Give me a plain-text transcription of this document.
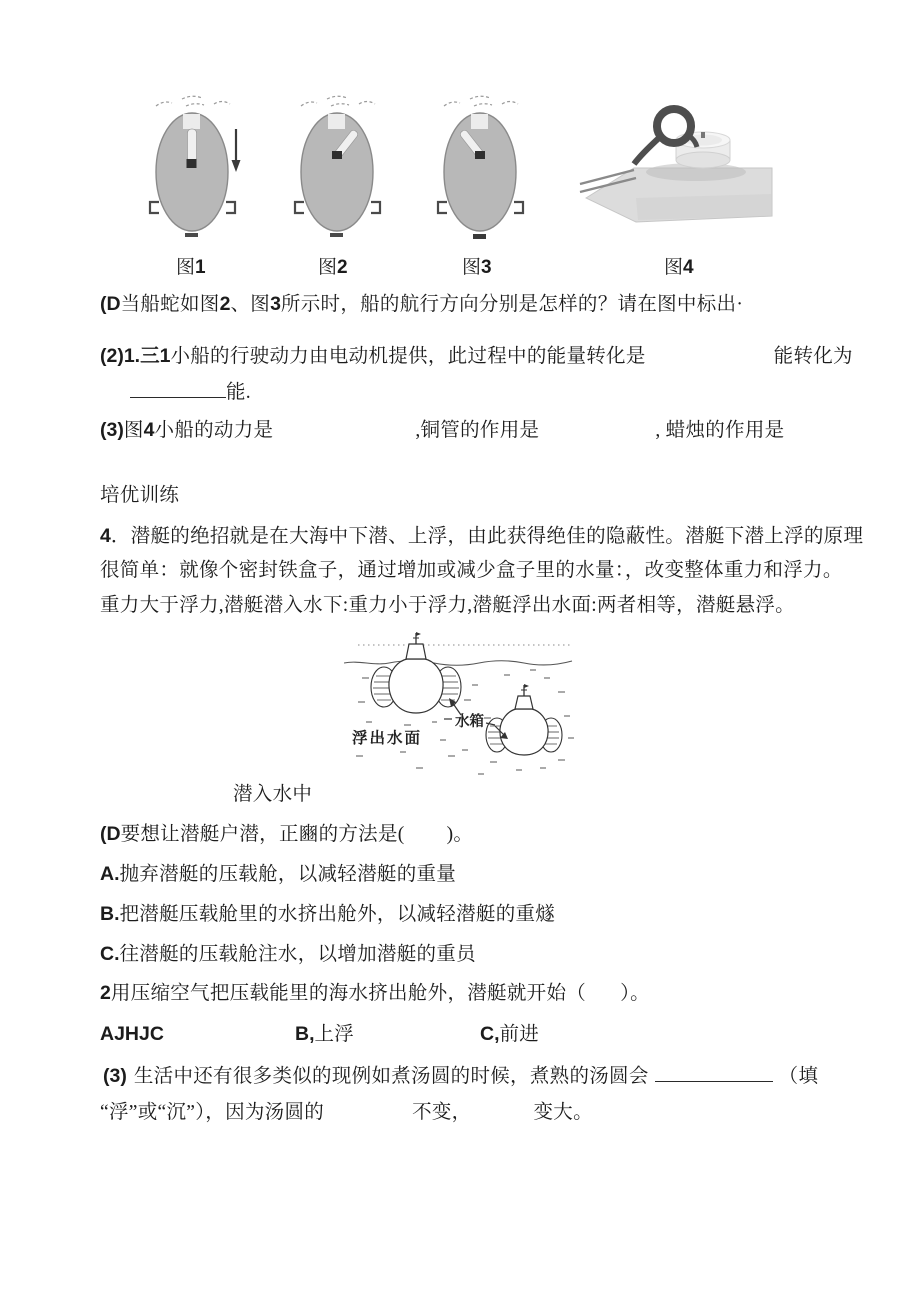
图1	图2	图3	图4
(D当船蛇如图2、图3所示时，船的航行方向分别是怎样的？请在图中标出·
(2)1.三1小船的行驶动力由电动机提供，此过程中的能量转化是	能转化为
能.
(3)图4小船的动力是	,铜管的作用是	, 蜡烛的作用是
培优训练
4．潜艇的绝招就是在大海中下潜、上浮，由此获得绝佳的隐蔽性。潜艇下潜上浮的原理
很简单：就像个密封铁盒子，通过增加或减少盒子里的水量：，改变整体重力和浮力。
重力大于浮力,潜艇潜入水下:重力小于浮力,潜艇浮出水面:两者相等，潜艇悬浮。
水箱
浮出水面
潜入水中
(D要想让潜艇户潜，正豳的方法是( )。
A.抛弃潜艇的压载舱，以减轻潜艇的重量
B.把潜艇压载舱里的水挤出舱外，以减轻潜艇的重燧
C.往潜艇的压载舱注水，以增加潜艇的重员
2用压缩空气把压载能里的海水挤出舱外，潜艇就开始（ ）。
AJHJC	B,上浮	C,前进
(3) 生活中还有很多类似的现例如煮汤圆的时候，煮熟的汤圆会	（填
“浮”或“沉”），因为汤圆的	不变，	变大。
